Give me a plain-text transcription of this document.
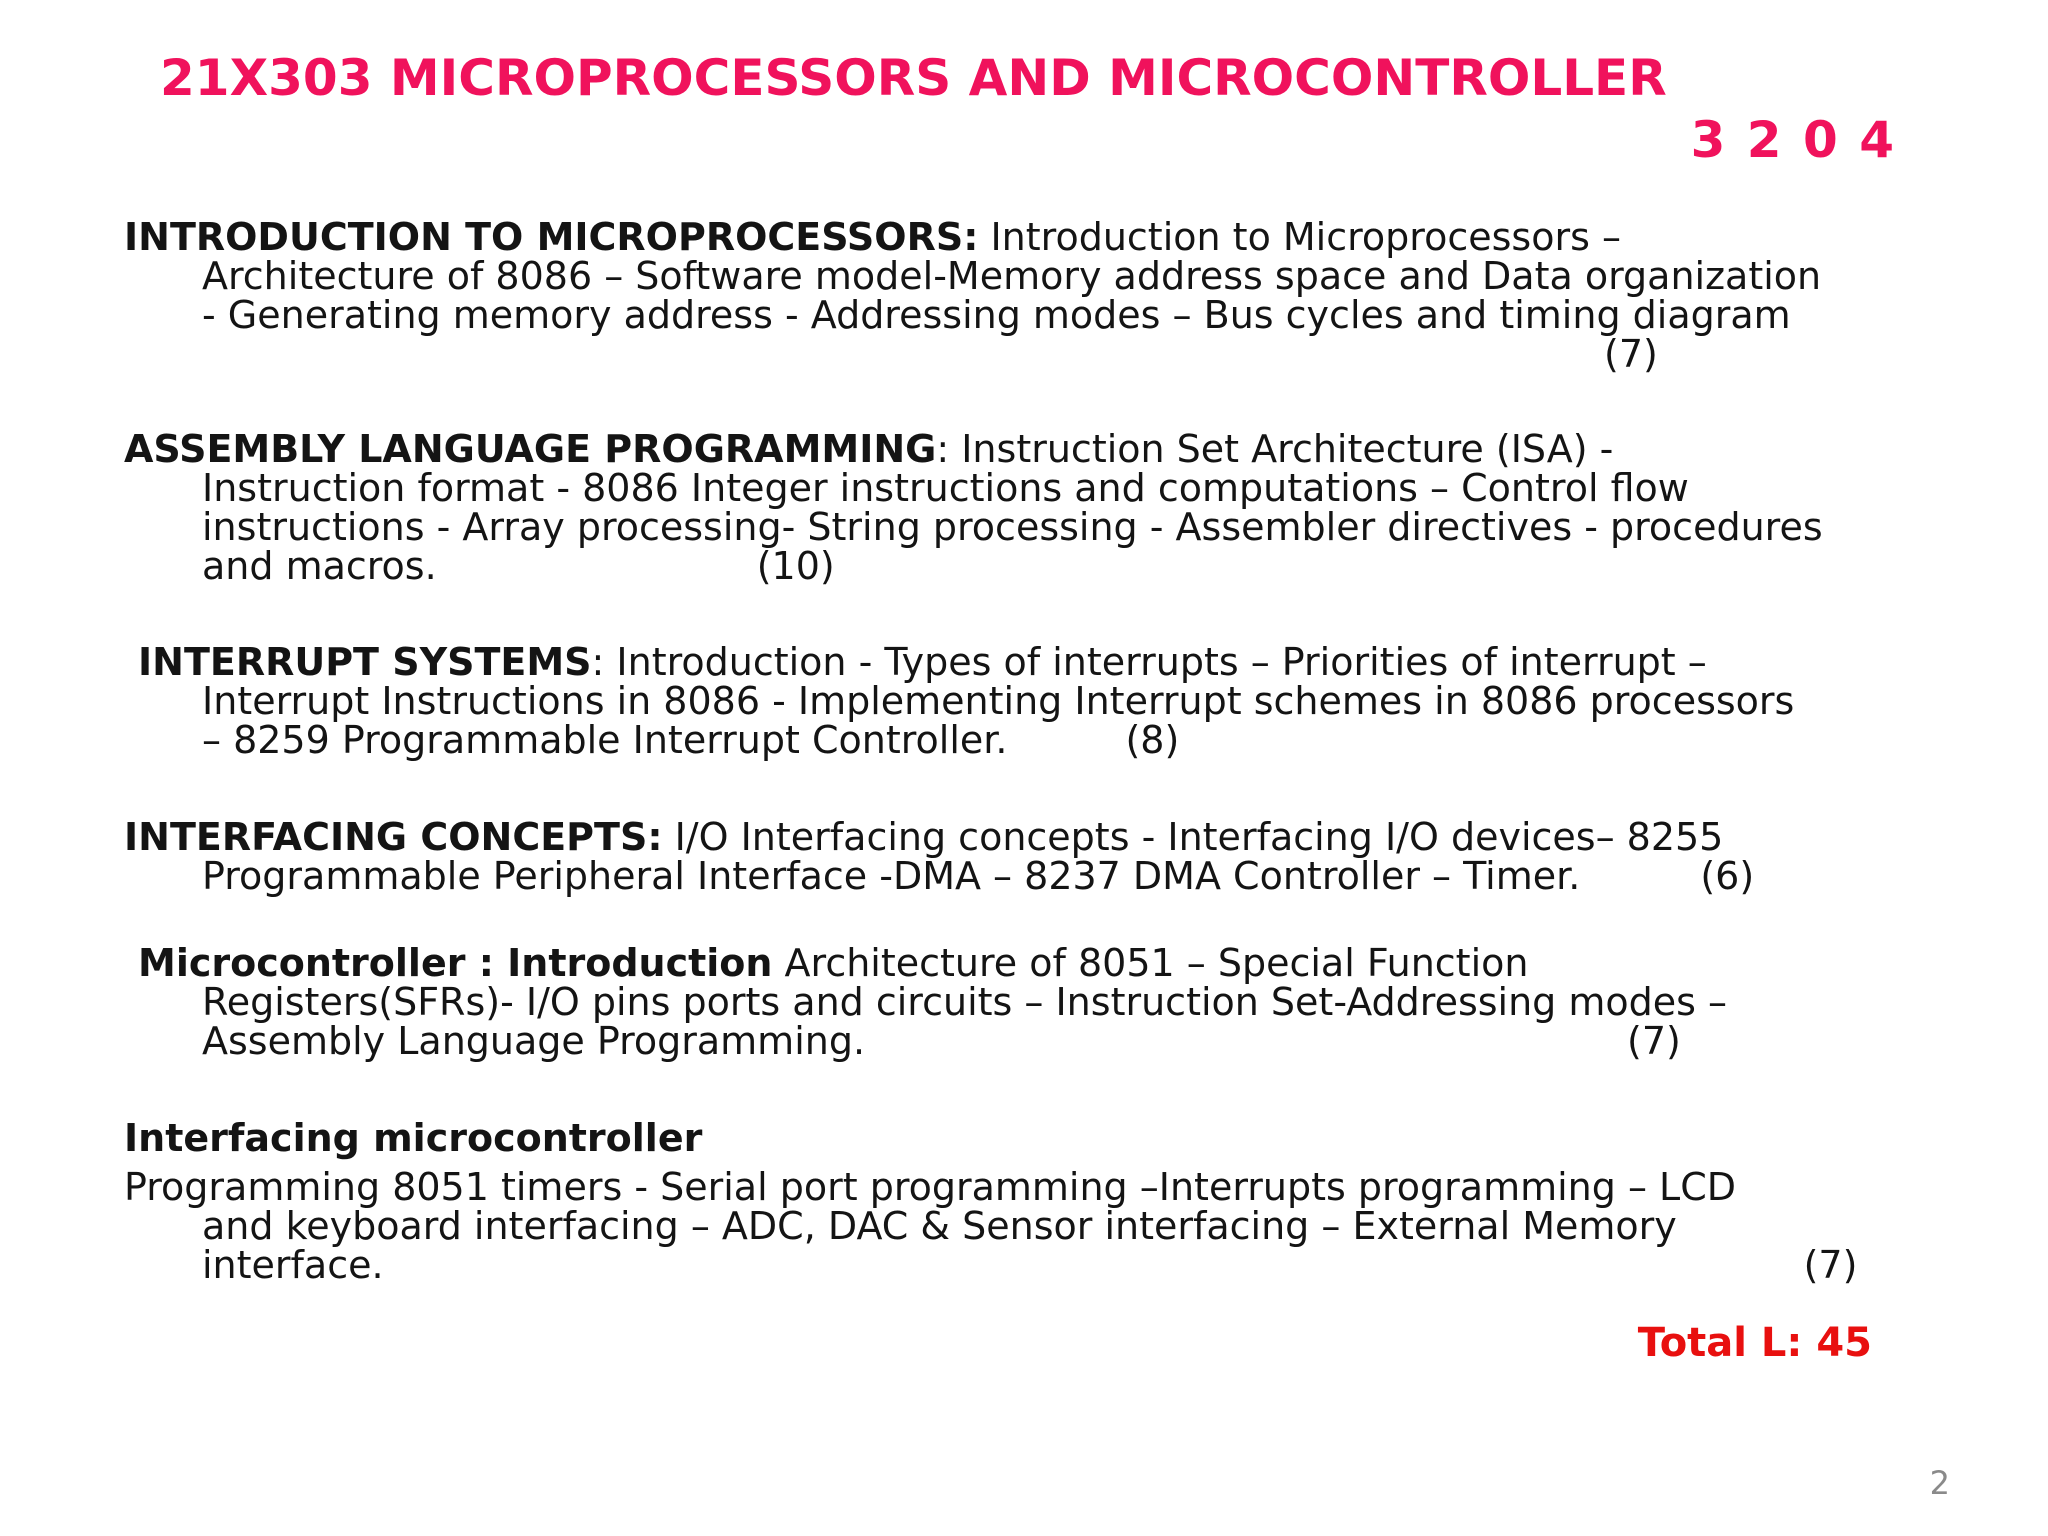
21X303 MICROPROCESSORS AND MICROCONTROLLER
3 2 0 4
INTRODUCTION TO MICROPROCESSORS: Introduction to Microprocessors –
Architecture of 8086 – Software model-Memory address space and Data organization
- Generating memory address - Addressing modes – Bus cycles and timing diagram
(7)
ASSEMBLY LANGUAGE PROGRAMMING: Instruction Set Architecture (ISA) -
Instruction format - 8086 Integer instructions and computations – Control flow
instructions - Array processing- String processing - Assembler directives - procedures
and macros.	(10)
INTERRUPT SYSTEMS: Introduction - Types of interrupts – Priorities of interrupt –
Interrupt Instructions in 8086 - Implementing Interrupt schemes in 8086 processors
– 8259 Programmable Interrupt Controller.	(8)
INTERFACING CONCEPTS: I/O Interfacing concepts - Interfacing I/O devices– 8255
Programmable Peripheral Interface -DMA – 8237 DMA Controller – Timer.	(6)
Microcontroller : Introduction Architecture of 8051 – Special Function
Registers(SFRs)- I/O pins ports and circuits – Instruction Set-Addressing modes –
Assembly Language Programming.	(7)
Interfacing microcontroller
Programming 8051 timers - Serial port programming –Interrupts programming – LCD
and keyboard interfacing – ADC, DAC & Sensor interfacing – External Memory
interface.	(7)
Total L: 45
2
